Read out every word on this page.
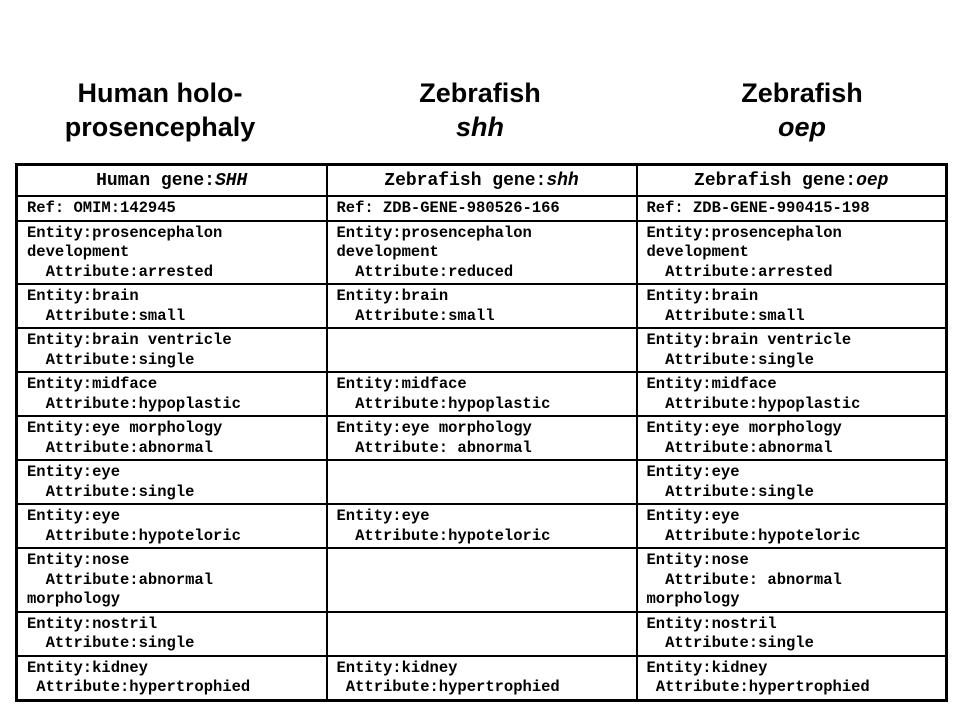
Human holo-
prosencephaly
Zebrafish
shh
Zebrafish
oep
Human gene:SHH	Zebrafish gene:shh	Zebrafish gene:oep
Ref: OMIM:142945	Ref: ZDB-GENE-980526-166	Ref: ZDB-GENE-990415-198

Entity:prosencephalon
development
Attribute:arrested	Entity:prosencephalon
development
Attribute:reduced	Entity:prosencephalon
development
Attribute:arrested

Entity:brain
Attribute:small	Entity:brain
Attribute:small	Entity:brain
Attribute:small

Entity:brain ventricle
Attribute:single		Entity:brain ventricle
Attribute:single

Entity:midface
Attribute:hypoplastic	Entity:midface
Attribute:hypoplastic	Entity:midface
Attribute:hypoplastic

Entity:eye morphology
Attribute:abnormal	Entity:eye morphology
Attribute: abnormal	Entity:eye morphology
Attribute:abnormal

Entity:eye
Attribute:single		Entity:eye
Attribute:single

Entity:eye
Attribute:hypoteloric	Entity:eye
Attribute:hypoteloric	Entity:eye
Attribute:hypoteloric

Entity:nose
Attribute:abnormal
morphology		Entity:nose
Attribute: abnormal
morphology

Entity:nostril
Attribute:single		Entity:nostril
Attribute:single

Entity:kidney
Attribute:hypertrophied	Entity:kidney
Attribute:hypertrophied	Entity:kidney
Attribute:hypertrophied
